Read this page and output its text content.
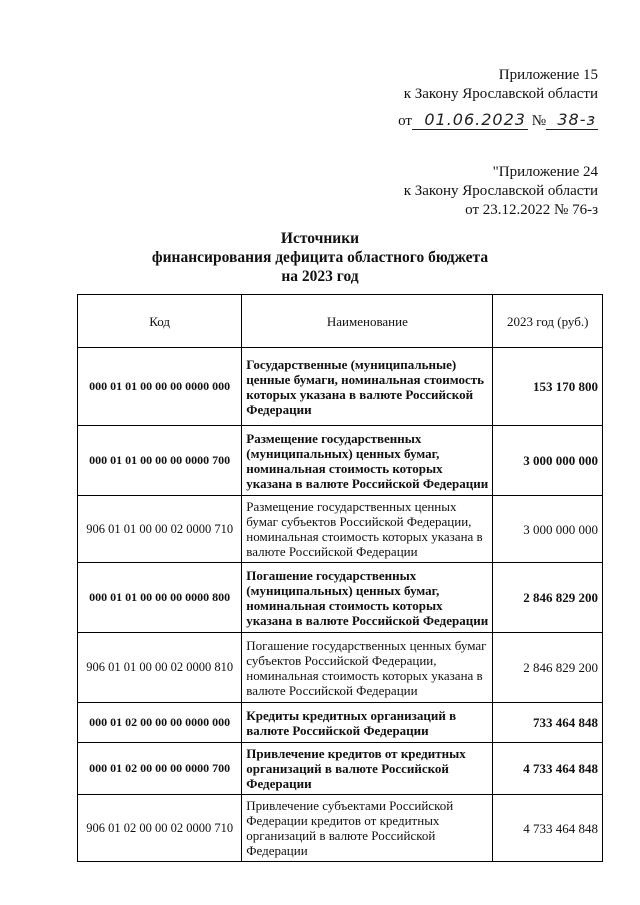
Приложение 15
к Закону Ярославской области
от 01.06.2023 № 38-з
"Приложение 24
к Закону Ярославской области
от 23.12.2022 № 76-з
Источники
финансирования дефицита областного бюджета
на 2023 год
Код	Наименование	2023 год (руб.)
000 01 01 00 00 00 0000 000	Государственные (муниципальные) ценные бумаги, номинальная стоимость которых указана в валюте Российской Федерации	153 170 800
000 01 01 00 00 00 0000 700	Размещение государственных (муниципальных) ценных бумаг, номинальная стоимость которых указана в валюте Российской Федерации	3 000 000 000
906 01 01 00 00 02 0000 710	Размещение государственных ценных бумаг субъектов Российской Федерации, номинальная стоимость которых указана в валюте Российской Федерации	3 000 000 000
000 01 01 00 00 00 0000 800	Погашение государственных (муниципальных) ценных бумаг, номинальная стоимость которых указана в валюте Российской Федерации	2 846 829 200
906 01 01 00 00 02 0000 810	Погашение государственных ценных бумаг субъектов Российской Федерации, номинальная стоимость которых указана в валюте Российской Федерации	2 846 829 200
000 01 02 00 00 00 0000 000	Кредиты кредитных организаций в валюте Российской Федерации	733 464 848
000 01 02 00 00 00 0000 700	Привлечение кредитов от кредитных организаций в валюте Российской Федерации	4 733 464 848
906 01 02 00 00 02 0000 710	Привлечение субъектами Российской Федерации кредитов от кредитных организаций в валюте Российской Федерации	4 733 464 848
